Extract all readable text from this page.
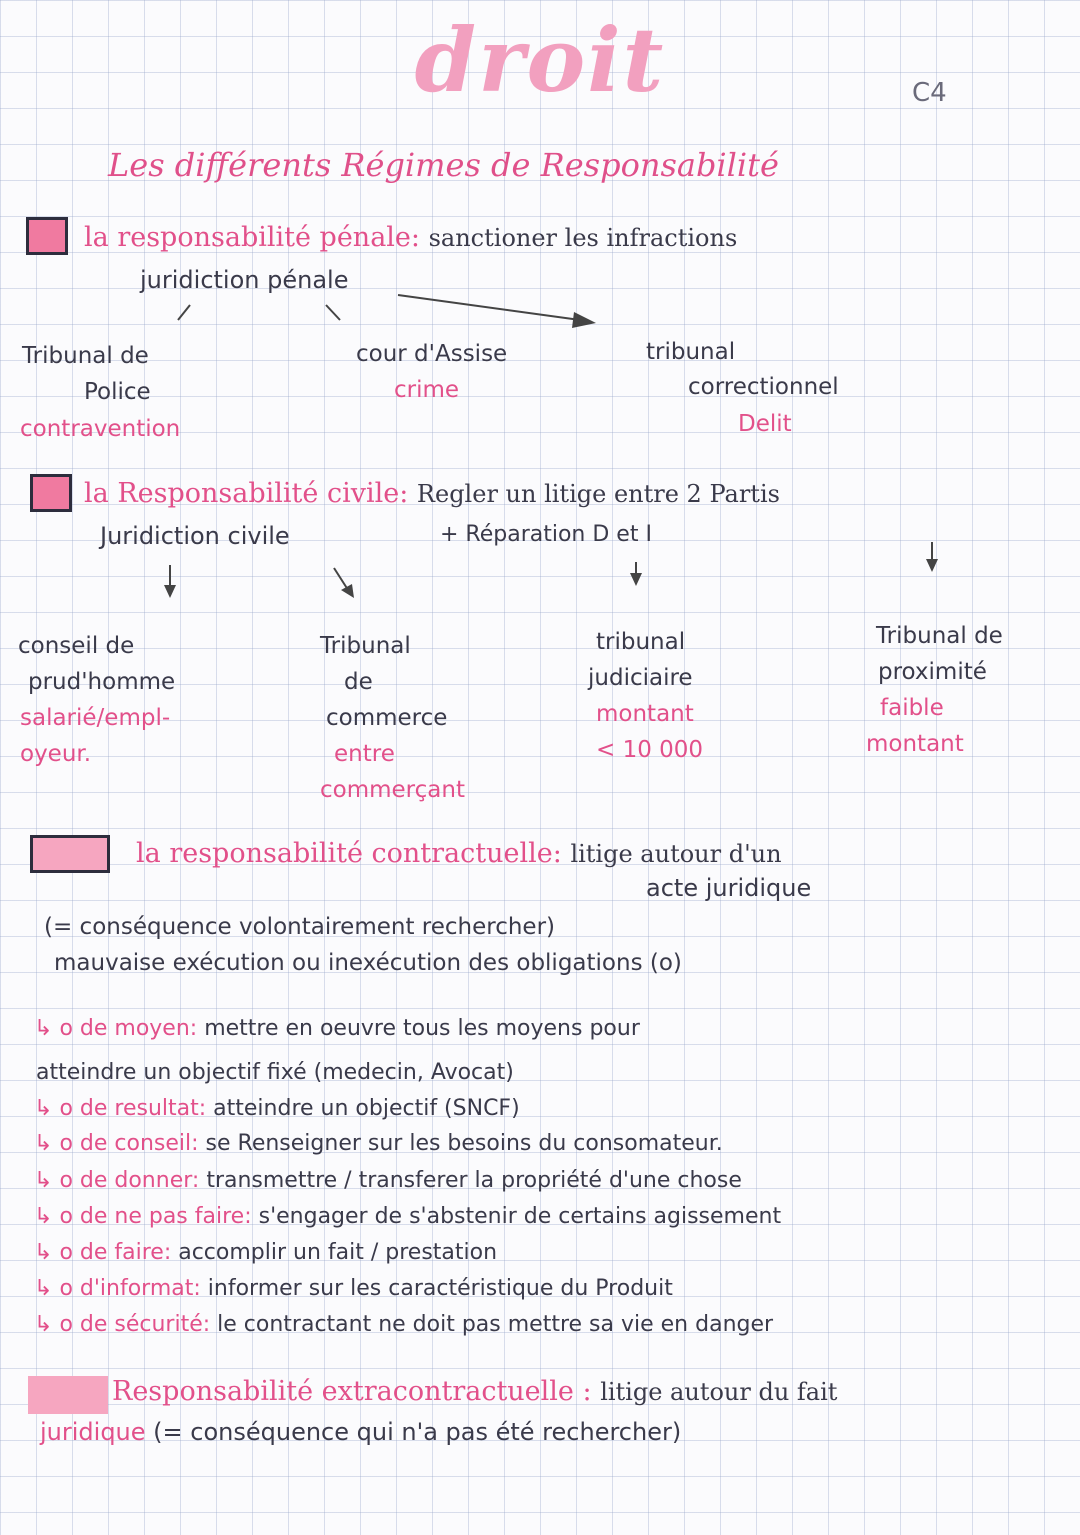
droit	C4
Les différents Régimes de Responsabilité
la responsabilité pénale: sanctioner les infractions
juridiction pénale
Tribunal de
Police
contravention
cour d'Assise
crime
tribunal
correctionnel
Delit
la Responsabilité civile: Regler un litige entre 2 Partis
Juridiction civile	+ Réparation D et I
conseil de
prud'homme
salarié/empl-
oyeur.
Tribunal
de
commerce
entre
commerçant
tribunal
judiciaire
montant
< 10 000
Tribunal de
proximité
faible
montant
la responsabilité contractuelle: litige autour d'un
acte juridique
(= conséquence volontairement rechercher)
mauvaise exécution ou inexécution des obligations (o)
↳ o de moyen: mettre en oeuvre tous les moyens pour
atteindre un objectif fixé (medecin, Avocat)
↳ o de resultat: atteindre un objectif (SNCF)
↳ o de conseil: se Renseigner sur les besoins du consomateur.
↳ o de donner: transmettre / transferer la propriété d'une chose
↳ o de ne pas faire: s'engager de s'abstenir de certains agissement
↳ o de faire: accomplir un fait / prestation
↳ o d'informat: informer sur les caractéristique du Produit
↳ o de sécurité: le contractant ne doit pas mettre sa vie en danger
Responsabilité extracontractuelle : litige autour du fait
juridique (= conséquence qui n'a pas été rechercher)
